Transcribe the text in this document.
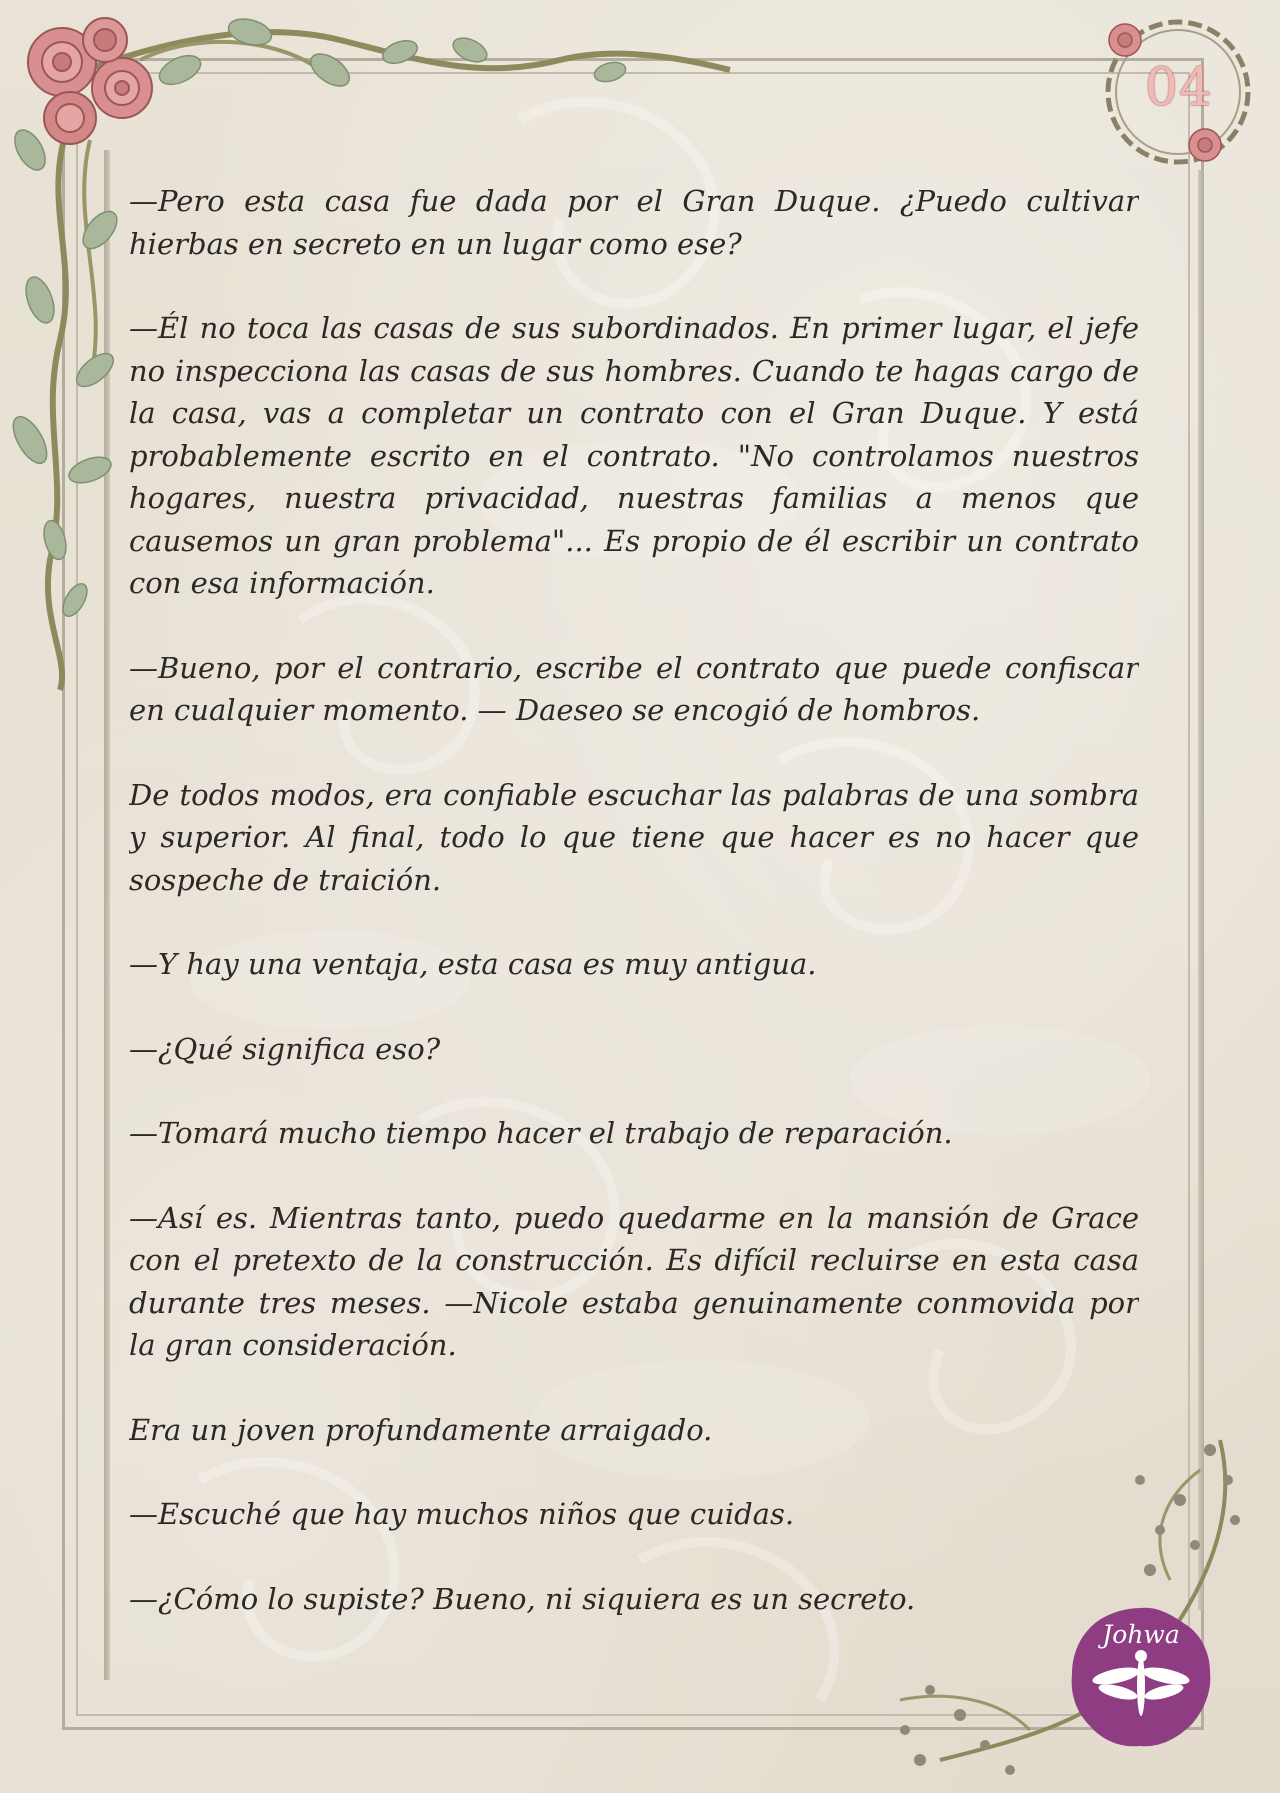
04
Johwa

—Pero esta casa fue dada por el Gran Duque. ¿Puedo cultivar hierbas en secreto en un lugar como ese?

—Él no toca las casas de sus subordinados. En primer lugar, el jefe no inspecciona las casas de sus hombres. Cuando te hagas cargo de la casa, vas a completar un contrato con el Gran Duque. Y está probablemente escrito en el contrato. "No controlamos nuestros hogares, nuestra privacidad, nuestras familias a menos que causemos un gran problema"... Es propio de él escribir un contrato con esa información.

—Bueno, por el contrario, escribe el contrato que puede confiscar en cualquier momento. — Daeseo se encogió de hombros.

De todos modos, era confiable escuchar las palabras de una sombra y superior. Al final, todo lo que tiene que hacer es no hacer que sospeche de traición.

—Y hay una ventaja, esta casa es muy antigua.

—¿Qué significa eso?

—Tomará mucho tiempo hacer el trabajo de reparación.

—Así es. Mientras tanto, puedo quedarme en la mansión de Grace con el pretexto de la construcción. Es difícil recluirse en esta casa durante tres meses. —Nicole estaba genuinamente conmovida por la gran consideración.

Era un joven profundamente arraigado.

—Escuché que hay muchos niños que cuidas.

—¿Cómo lo supiste? Bueno, ni siquiera es un secreto.
